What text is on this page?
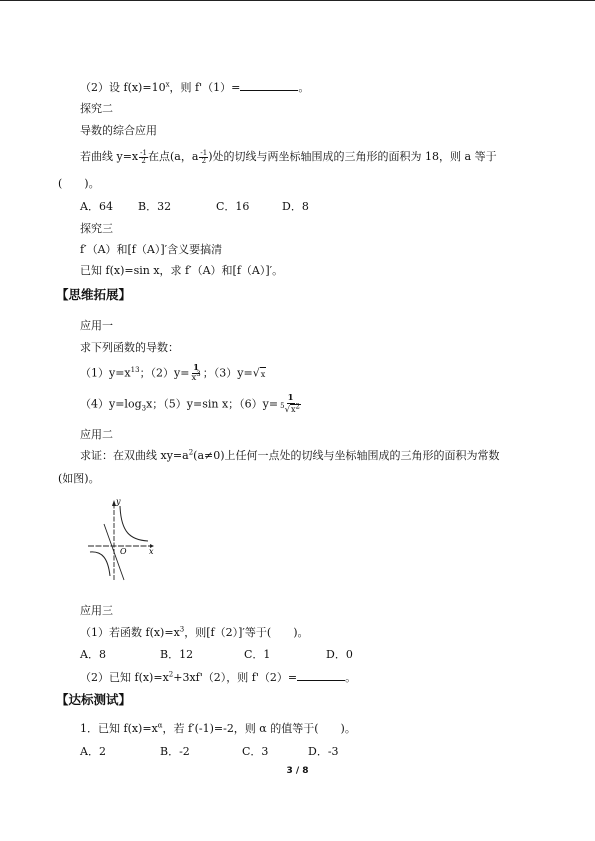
（2）设 $f(x)=10^x$，则 f'（1）=	。
探究二
导数的综合应用
若曲线 $y=x \frac{-1}{2}$ 在点(a，a $\frac{-1}{2}$ )处的切线与两坐标轴围成的三角形的面积为 18，则 a 等于
(　　)。
A．64 B．32	C．16	D．8
探究三
f′（A）和[f（A）]′含义要搞清
已知 f(x)=sin x，求 f′（A）和[f（A）]′。
【思维拓展】
应用一
求下列函数的导数：
$(1)y=x^{13}$；$(2)y= \frac{1}{x^3}$ ；（3）y=√x
$(4)y=\log_3x$；（5）y=sin x；$(6)y= \frac{1}{^5√x^2}$
应用二
求证：在双曲线 $xy=a^2(a\ne 0)$上任何一点处的切线与坐标轴围成的三角形的面积为常数
(如图)。
y
x
O
应用三
（1）若函数 $f(x)=x^3$，则[f（2）]′等于(　　)。
A．8	B．12	C．1	D．0
（2）已知 $f(x)=x^2+3xf'(2)$，则 f'（2）=	。
【达标测试】
1．已知 $f(x)=x^\alpha$，若 f′(-1)=-2，则 α 的值等于(　　)。
A．2	B．-2	C．3	D．-3
3 / 8
